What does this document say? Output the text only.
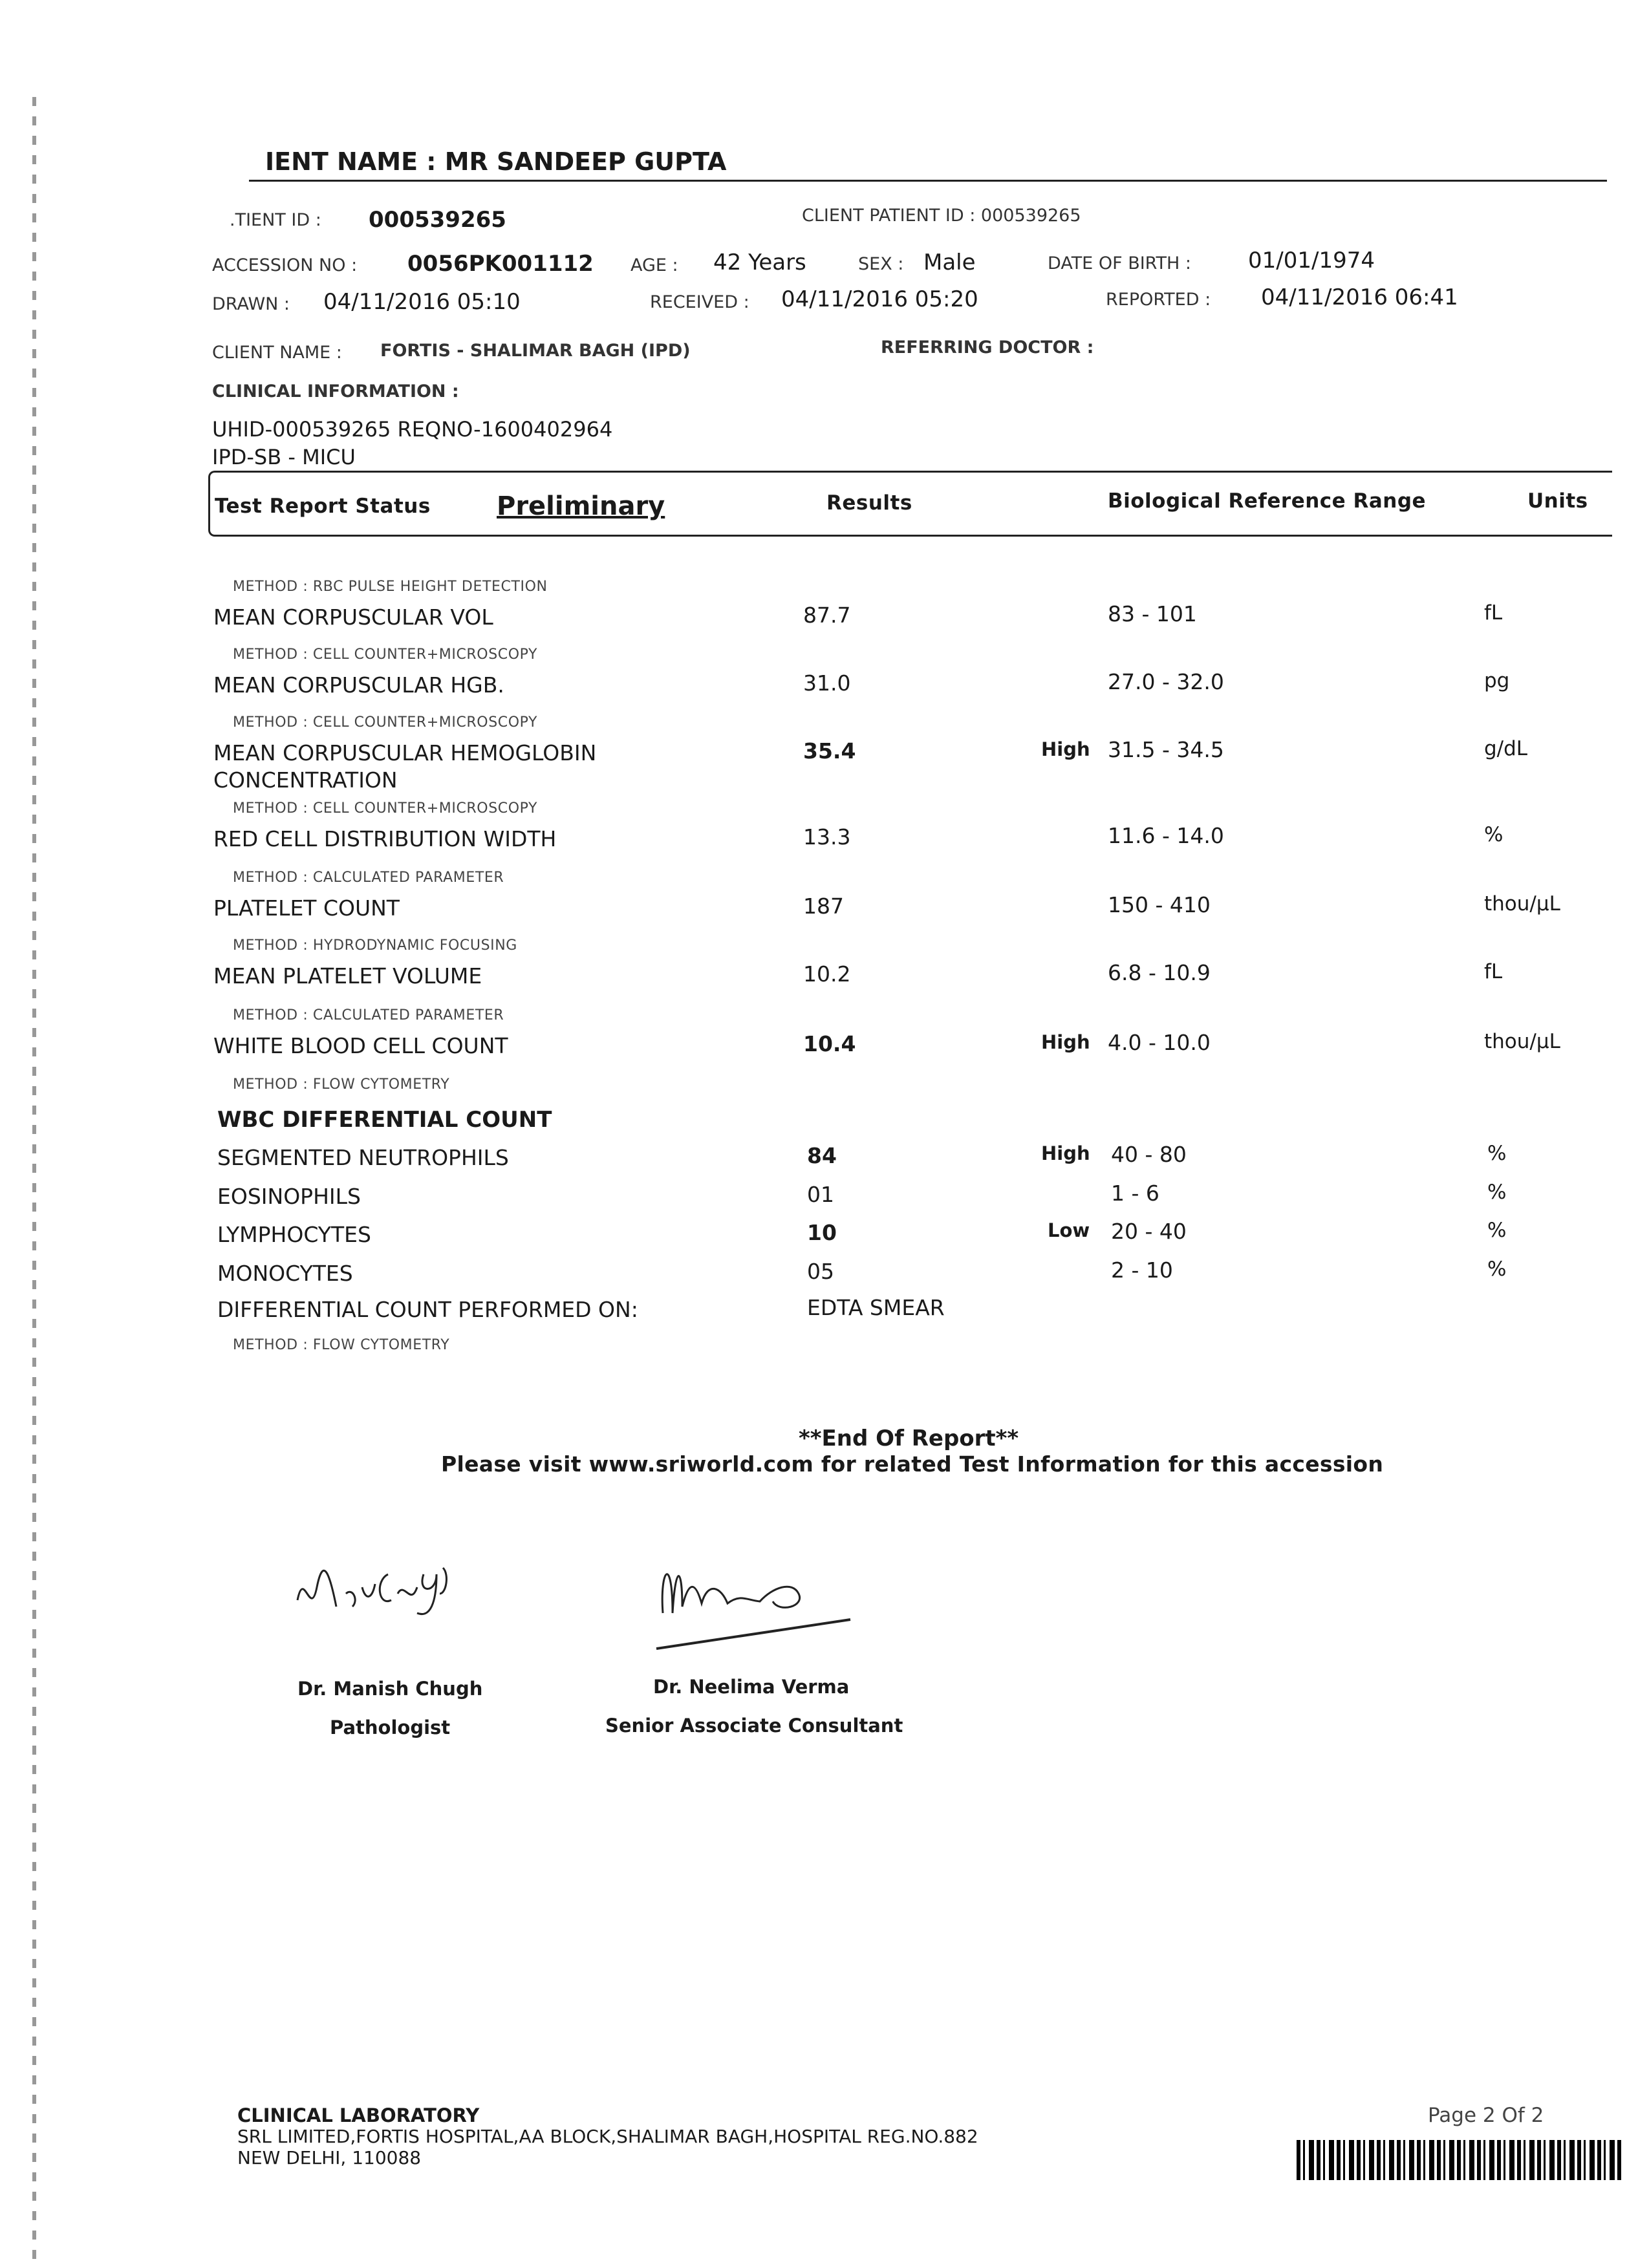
IENT NAME : MR SANDEEP GUPTA
.TIENT ID : 000539265	CLIENT PATIENT ID : 000539265
ACCESSION NO : 0056PK001112 AGE : 42 Years	SEX : Male	DATE OF BIRTH :	01/01/1974
DRAWN : 04/11/2016 05:10	RECEIVED : 04/11/2016 05:20	REPORTED : 04/11/2016 06:41
CLIENT NAME : FORTIS - SHALIMAR BAGH (IPD)	REFERRING DOCTOR :
CLINICAL INFORMATION :
UHID-000539265 REQNO-1600402964
IPD-SB - MICU
Test Report Status	Preliminary	Results	Biological Reference Range	Units
METHOD : RBC PULSE HEIGHT DETECTION
MEAN CORPUSCULAR VOL	87.7	83 - 101	fL
METHOD : CELL COUNTER+MICROSCOPY
MEAN CORPUSCULAR HGB.	31.0	27.0 - 32.0	pg
METHOD : CELL COUNTER+MICROSCOPY
MEAN CORPUSCULAR HEMOGLOBIN
CONCENTRATION
35.4	High 31.5 - 34.5	g/dL
METHOD : CELL COUNTER+MICROSCOPY
RED CELL DISTRIBUTION WIDTH	13.3	11.6 - 14.0	%
METHOD : CALCULATED PARAMETER
PLATELET COUNT	187	150 - 410	thou/µL
METHOD : HYDRODYNAMIC FOCUSING
MEAN PLATELET VOLUME	10.2	6.8 - 10.9	fL
METHOD : CALCULATED PARAMETER
WHITE BLOOD CELL COUNT	10.4	High 4.0 - 10.0	thou/µL
METHOD : FLOW CYTOMETRY
WBC DIFFERENTIAL COUNT
SEGMENTED NEUTROPHILS	84	High 40 - 80	%
EOSINOPHILS	01	1 - 6	%
LYMPHOCYTES	10	Low 20 - 40	%
MONOCYTES	05	2 - 10	%
DIFFERENTIAL COUNT PERFORMED ON:	EDTA SMEAR
METHOD : FLOW CYTOMETRY
**End Of Report**
Please visit www.sriworld.com for related Test Information for this accession
Dr. Manish Chugh
Pathologist
Dr. Neelima Verma
Senior Associate Consultant
CLINICAL LABORATORY
SRL LIMITED,FORTIS HOSPITAL,AA BLOCK,SHALIMAR BAGH,HOSPITAL REG.NO.882
NEW DELHI, 110088
Page 2 Of 2
